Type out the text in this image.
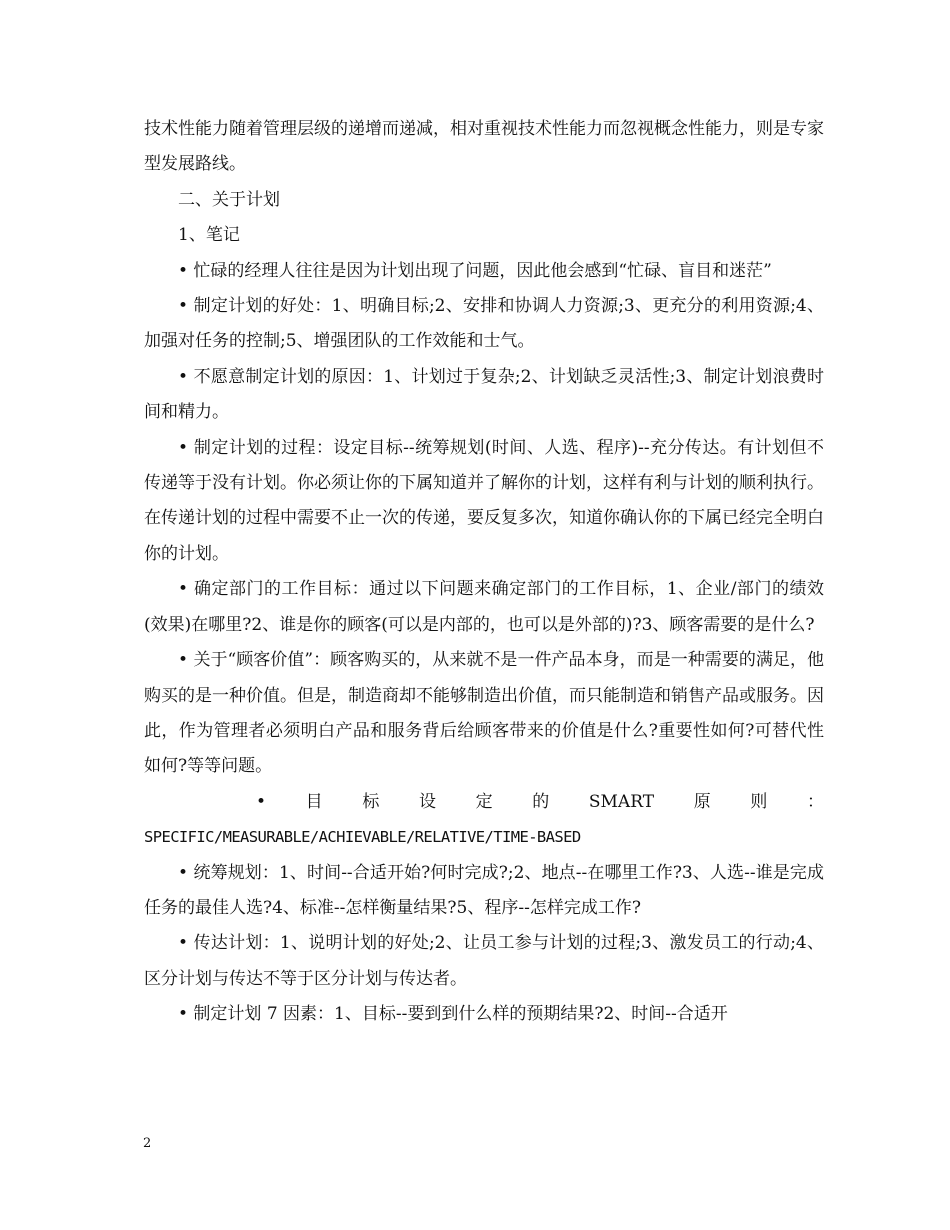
技术性能力随着管理层级的递增而递减，相对重视技术性能力而忽视概念性能力，则是专家型发展路线。

二、关于计划

1、笔记

• 忙碌的经理人往往是因为计划出现了问题，因此他会感到“忙碌、盲目和迷茫”

• 制定计划的好处：1、明确目标;2、安排和协调人力资源;3、更充分的利用资源;4、加强对任务的控制;5、增强团队的工作效能和士气。

• 不愿意制定计划的原因：1、计划过于复杂;2、计划缺乏灵活性;3、制定计划浪费时间和精力。

• 制定计划的过程：设定目标--统筹规划(时间、人选、程序)--充分传达。有计划但不传递等于没有计划。你必须让你的下属知道并了解你的计划，这样有利与计划的顺利执行。在传递计划的过程中需要不止一次的传递，要反复多次，知道你确认你的下属已经完全明白你的计划。

• 确定部门的工作目标：通过以下问题来确定部门的工作目标，1、企业/部门的绩效(效果)在哪里?2、谁是你的顾客(可以是内部的，也可以是外部的)?3、顾客需要的是什么?

• 关于“顾客价值”：顾客购买的，从来就不是一件产品本身，而是一种需要的满足，他购买的是一种价值。但是，制造商却不能够制造出价值，而只能制造和销售产品或服务。因此，作为管理者必须明白产品和服务背后给顾客带来的价值是什么?重要性如何?可替代性如何?等等问题。

• 目 标 设 定 的 SMART 原 则 ：

SPECIFIC/MEASURABLE/ACHIEVABLE/RELATIVE/TIME-BASED

• 统筹规划：1、时间--合适开始?何时完成?;2、地点--在哪里工作?3、人选--谁是完成任务的最佳人选?4、标准--怎样衡量结果?5、程序--怎样完成工作?

• 传达计划：1、说明计划的好处;2、让员工参与计划的过程;3、激发员工的行动;4、区分计划与传达不等于区分计划与传达者。

• 制定计划 7 因素：1、目标--要到到什么样的预期结果?2、时间--合适开

2
